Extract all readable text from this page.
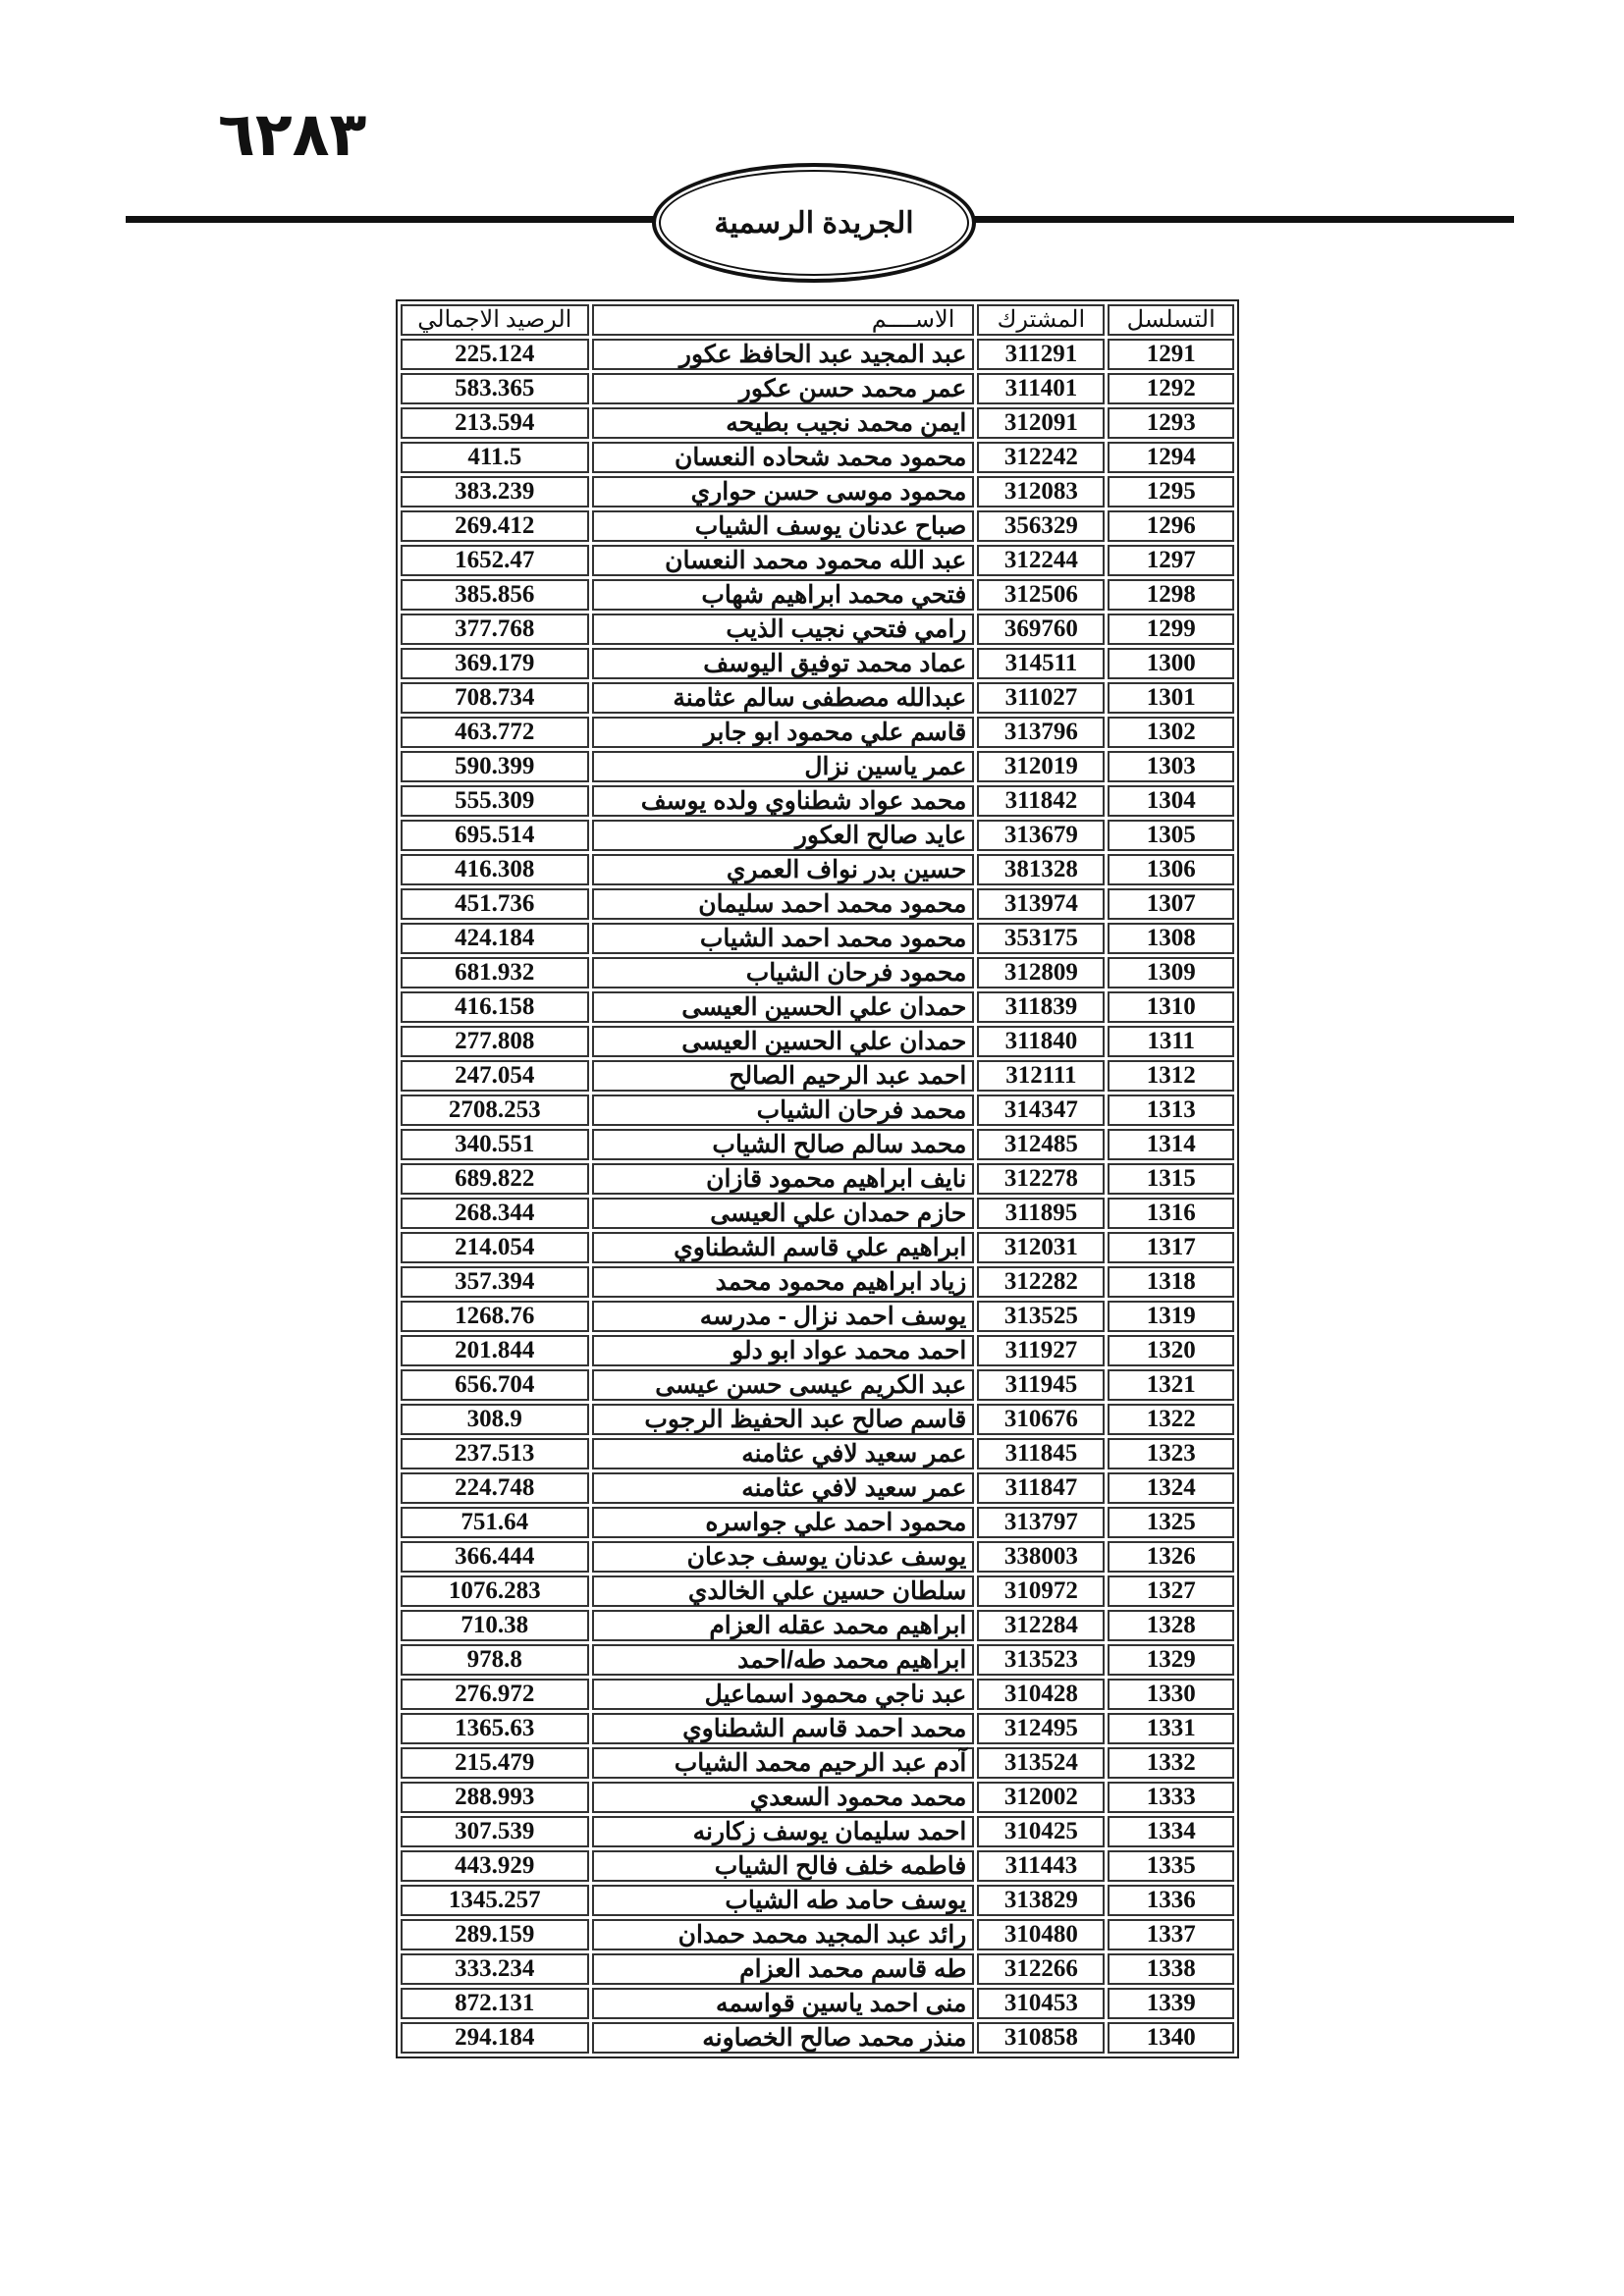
٦٢٨٣
الجريدة الرسمية
التسلسل	المشترك	الاســــم	الرصيد الاجمالي
1291	311291	عبد المجيد عبد الحافظ عكور	225.124
1292	311401	عمر محمد حسن عكور	583.365
1293	312091	ايمن محمد نجيب بطيحه	213.594
1294	312242	محمود محمد شحاده النعسان	411.5
1295	312083	محمود موسى حسن حواري	383.239
1296	356329	صباح عدنان يوسف الشياب	269.412
1297	312244	عبد الله محمود محمد النعسان	1652.47
1298	312506	فتحي محمد ابراهيم شهاب	385.856
1299	369760	رامي فتحي نجيب الذيب	377.768
1300	314511	عماد محمد توفيق اليوسف	369.179
1301	311027	عبدالله مصطفى سالم عثامنة	708.734
1302	313796	قاسم علي محمود ابو جابر	463.772
1303	312019	عمر ياسين نزال	590.399
1304	311842	محمد عواد شطناوي ولده يوسف	555.309
1305	313679	عايد صالح العكور	695.514
1306	381328	حسين بدر نواف العمري	416.308
1307	313974	محمود محمد احمد سليمان	451.736
1308	353175	محمود محمد احمد الشياب	424.184
1309	312809	محمود فرحان الشياب	681.932
1310	311839	حمدان علي الحسين العيسى	416.158
1311	311840	حمدان علي الحسين العيسى	277.808
1312	312111	احمد عبد الرحيم الصالح	247.054
1313	314347	محمد فرحان الشياب	2708.253
1314	312485	محمد سالم صالح الشياب	340.551
1315	312278	نايف ابراهيم محمود قازان	689.822
1316	311895	حازم حمدان علي العيسى	268.344
1317	312031	ابراهيم علي قاسم الشطناوي	214.054
1318	312282	زياد ابراهيم محمود محمد	357.394
1319	313525	يوسف احمد نزال - مدرسه	1268.76
1320	311927	احمد محمد عواد ابو دلو	201.844
1321	311945	عبد الكريم عيسى حسن عيسى	656.704
1322	310676	قاسم صالح عبد الحفيظ الرجوب	308.9
1323	311845	عمر سعيد لافي عثامنه	237.513
1324	311847	عمر سعيد لافي عثامنه	224.748
1325	313797	محمود احمد علي جواسره	751.64
1326	338003	يوسف عدنان يوسف جدعان	366.444
1327	310972	سلطان حسين علي الخالدي	1076.283
1328	312284	ابراهيم محمد عقله العزام	710.38
1329	313523	ابراهيم محمد طه/احمد	978.8
1330	310428	عبد ناجي محمود اسماعيل	276.972
1331	312495	محمد احمد قاسم الشطناوي	1365.63
1332	313524	آدم عبد الرحيم محمد الشياب	215.479
1333	312002	محمد محمود السعدي	288.993
1334	310425	احمد سليمان يوسف زكارنه	307.539
1335	311443	فاطمه خلف فالح الشياب	443.929
1336	313829	يوسف حامد طه الشياب	1345.257
1337	310480	رائد عبد المجيد محمد حمدان	289.159
1338	312266	طه قاسم محمد العزام	333.234
1339	310453	منى احمد ياسين قواسمه	872.131
1340	310858	منذر محمد صالح الخصاونه	294.184
